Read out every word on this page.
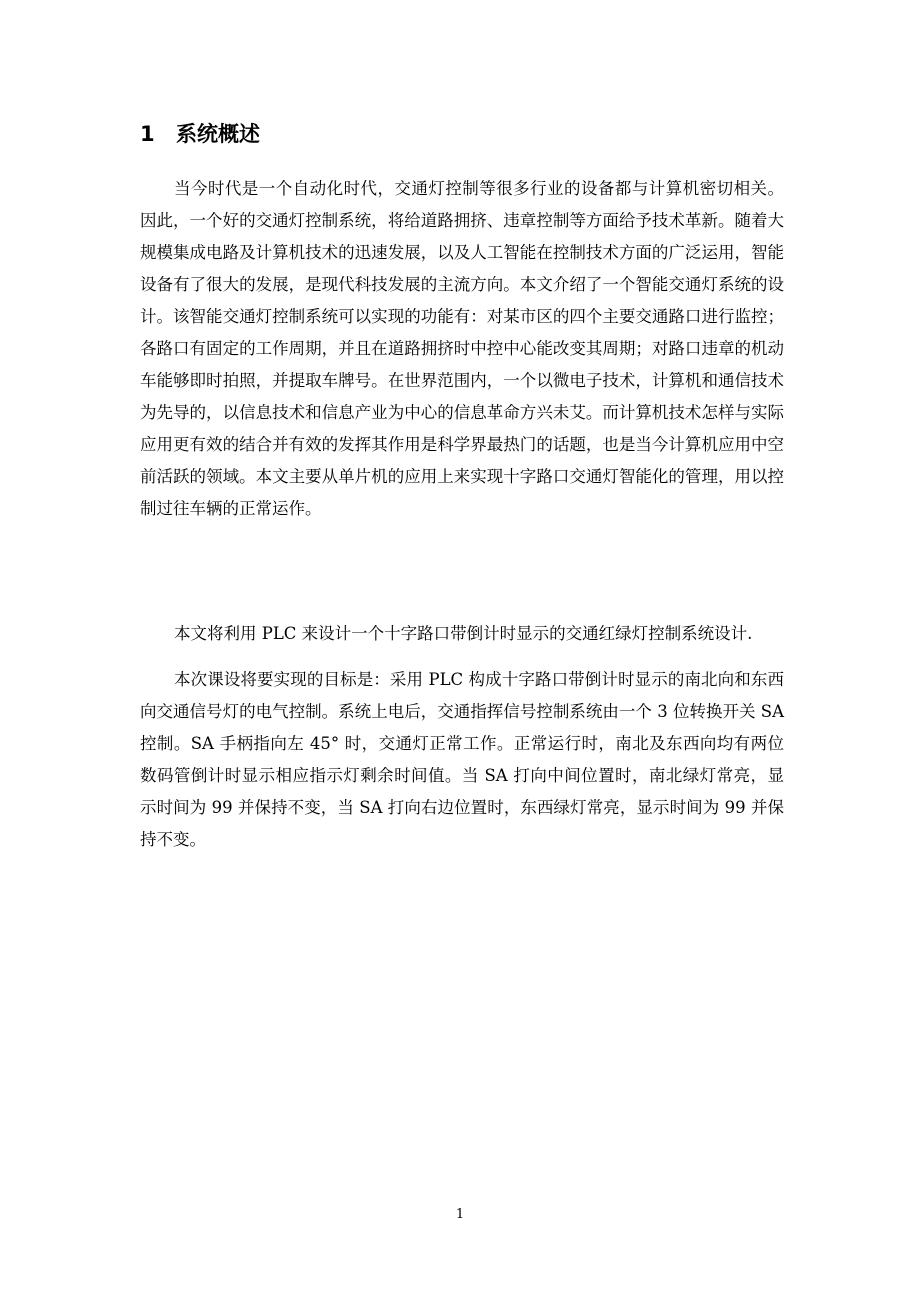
1 系统概述

当今时代是一个自动化时代，交通灯控制等很多行业的设备都与计算机密切相关。因此，一个好的交通灯控制系统，将给道路拥挤、违章控制等方面给予技术革新。随着大规模集成电路及计算机技术的迅速发展，以及人工智能在控制技术方面的广泛运用，智能设备有了很大的发展，是现代科技发展的主流方向。本文介绍了一个智能交通灯系统的设计。该智能交通灯控制系统可以实现的功能有：对某市区的四个主要交通路口进行监控；各路口有固定的工作周期，并且在道路拥挤时中控中心能改变其周期；对路口违章的机动车能够即时拍照，并提取车牌号。在世界范围内，一个以微电子技术，计算机和通信技术为先导的，以信息技术和信息产业为中心的信息革命方兴未艾。而计算机技术怎样与实际应用更有效的结合并有效的发挥其作用是科学界最热门的话题，也是当今计算机应用中空前活跃的领域。本文主要从单片机的应用上来实现十字路口交通灯智能化的管理，用以控制过往车辆的正常运作。

本文将利用 PLC 来设计一个十字路口带倒计时显示的交通红绿灯控制系统设计.

本次课设将要实现的目标是：采用 PLC 构成十字路口带倒计时显示的南北向和东西向交通信号灯的电气控制。系统上电后，交通指挥信号控制系统由一个 3 位转换开关 SA 控制。SA 手柄指向左 45° 时，交通灯正常工作。正常运行时，南北及东西向均有两位数码管倒计时显示相应指示灯剩余时间值。当 SA 打向中间位置时，南北绿灯常亮，显示时间为 99 并保持不变，当 SA 打向右边位置时，东西绿灯常亮，显示时间为 99 并保持不变。

1
